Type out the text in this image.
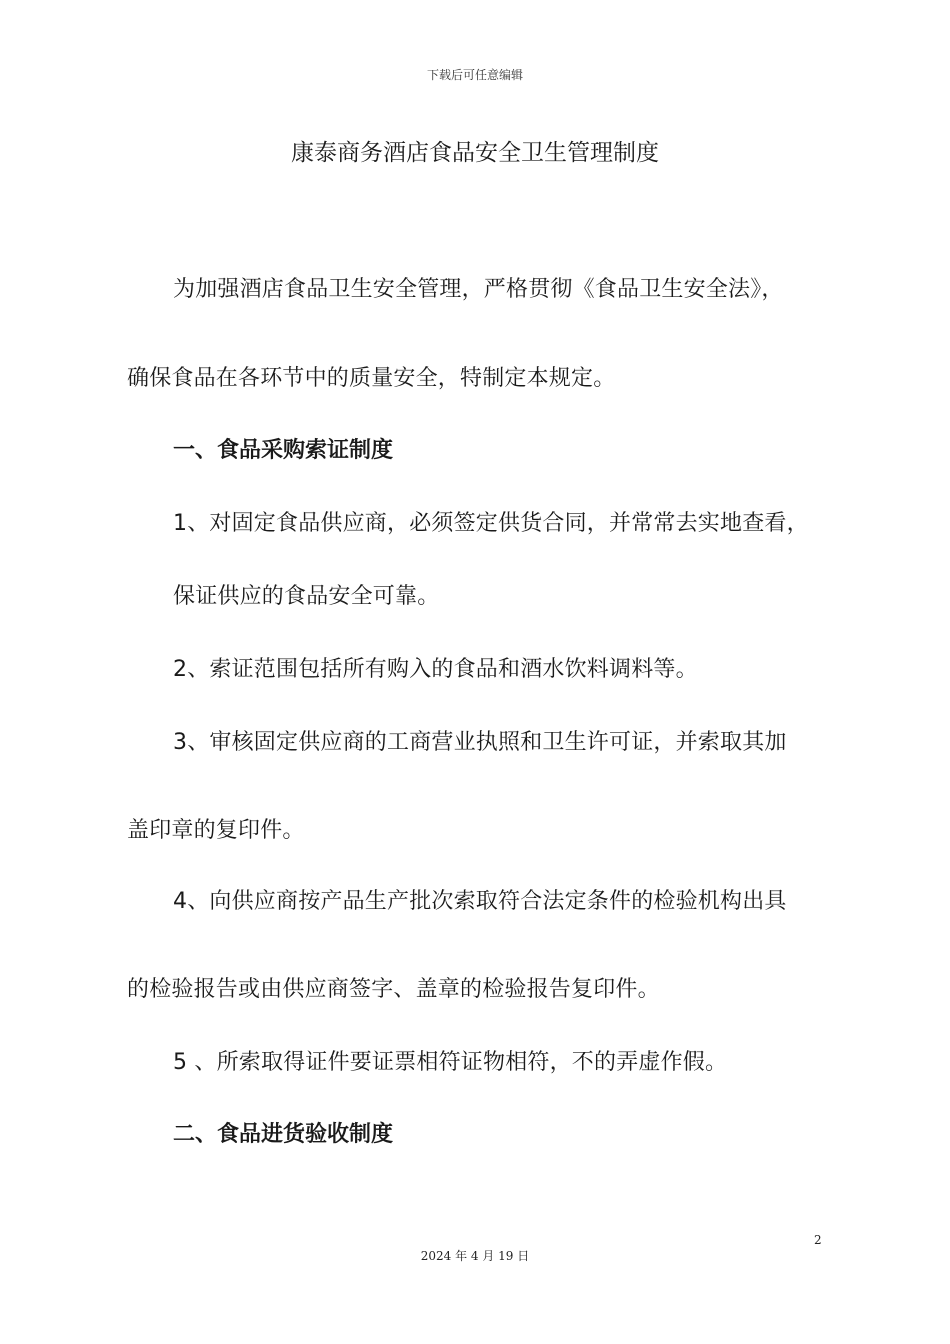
下载后可任意编辑
康泰商务酒店食品安全卫生管理制度
为加强酒店食品卫生安全管理，严格贯彻《食品卫生安全法》，
确保食品在各环节中的质量安全，特制定本规定。
一、食品采购索证制度
1、对固定食品供应商，必须签定供货合同，并常常去实地查看，
保证供应的食品安全可靠。
2、索证范围包括所有购入的食品和酒水饮料调料等。
3、审核固定供应商的工商营业执照和卫生许可证，并索取其加
盖印章的复印件。
4、向供应商按产品生产批次索取符合法定条件的检验机构出具
的检验报告或由供应商签字、盖章的检验报告复印件。
5 、所索取得证件要证票相符证物相符，不的弄虚作假。
二、食品进货验收制度
2
2024 年 4 月 19 日
